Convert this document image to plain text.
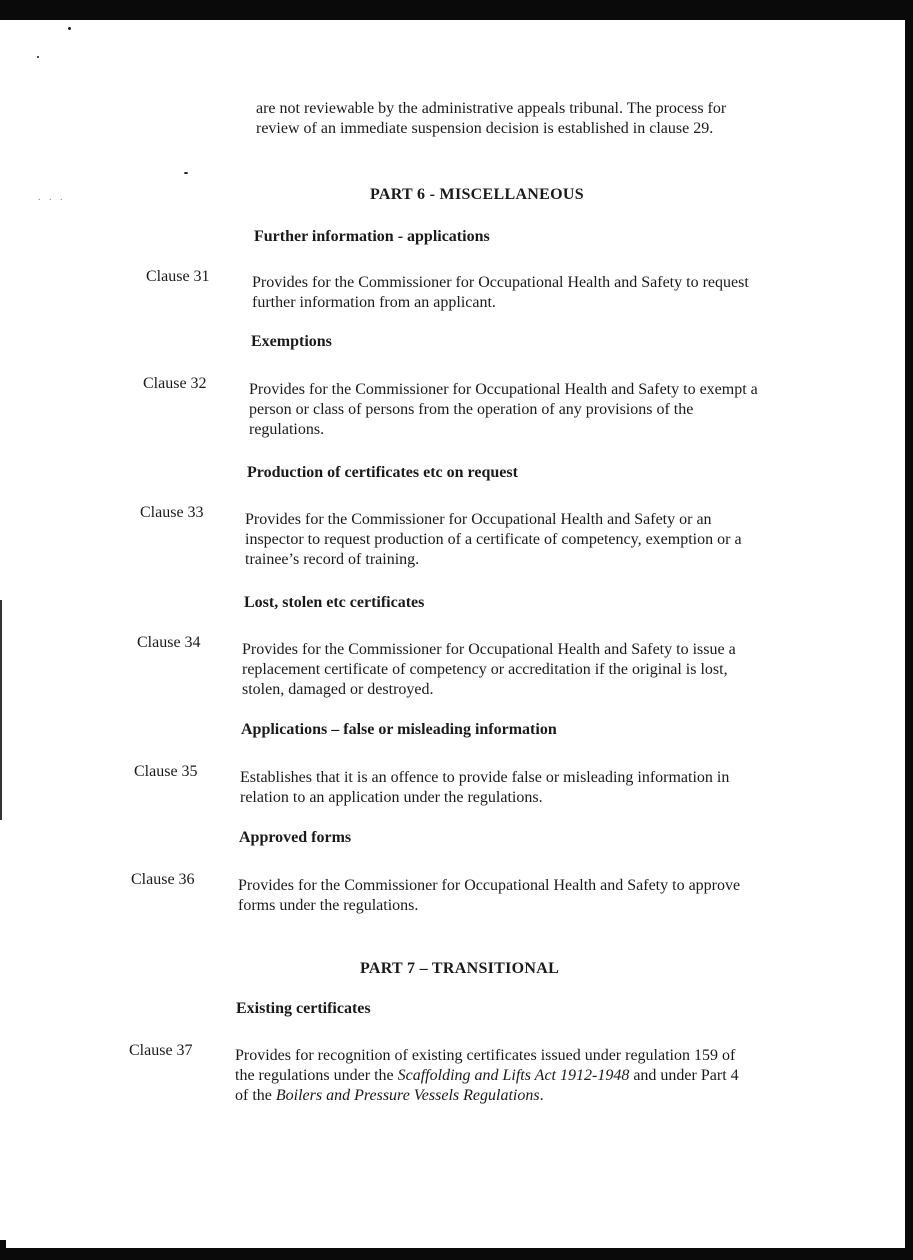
. . .

are not reviewable by the administrative appeals tribunal. The process for

review of an immediate suspension decision is established in clause 29.

PART 6 - MISCELLANEOUS
Further information - applications
Clause 31	Provides for the Commissioner for Occupational Health and Safety to request

further information from an applicant.

Exemptions
Clause 32	Provides for the Commissioner for Occupational Health and Safety to exempt a

person or class of persons from the operation of any provisions of the

regulations.

Production of certificates etc on request
Clause 33	Provides for the Commissioner for Occupational Health and Safety or an

inspector to request production of a certificate of competency, exemption or a

trainee’s record of training.

Lost, stolen etc certificates
Clause 34	Provides for the Commissioner for Occupational Health and Safety to issue a

replacement certificate of competency or accreditation if the original is lost,

stolen, damaged or destroyed.

Applications – false or misleading information
Clause 35	Establishes that it is an offence to provide false or misleading information in

relation to an application under the regulations.

Approved forms
Clause 36	Provides for the Commissioner for Occupational Health and Safety to approve

forms under the regulations.

PART 7 – TRANSITIONAL
Existing certificates
Clause 37	Provides for recognition of existing certificates issued under regulation 159 of

the regulations under the Scaffolding and Lifts Act 1912-1948 and under Part 4

of the Boilers and Pressure Vessels Regulations.
